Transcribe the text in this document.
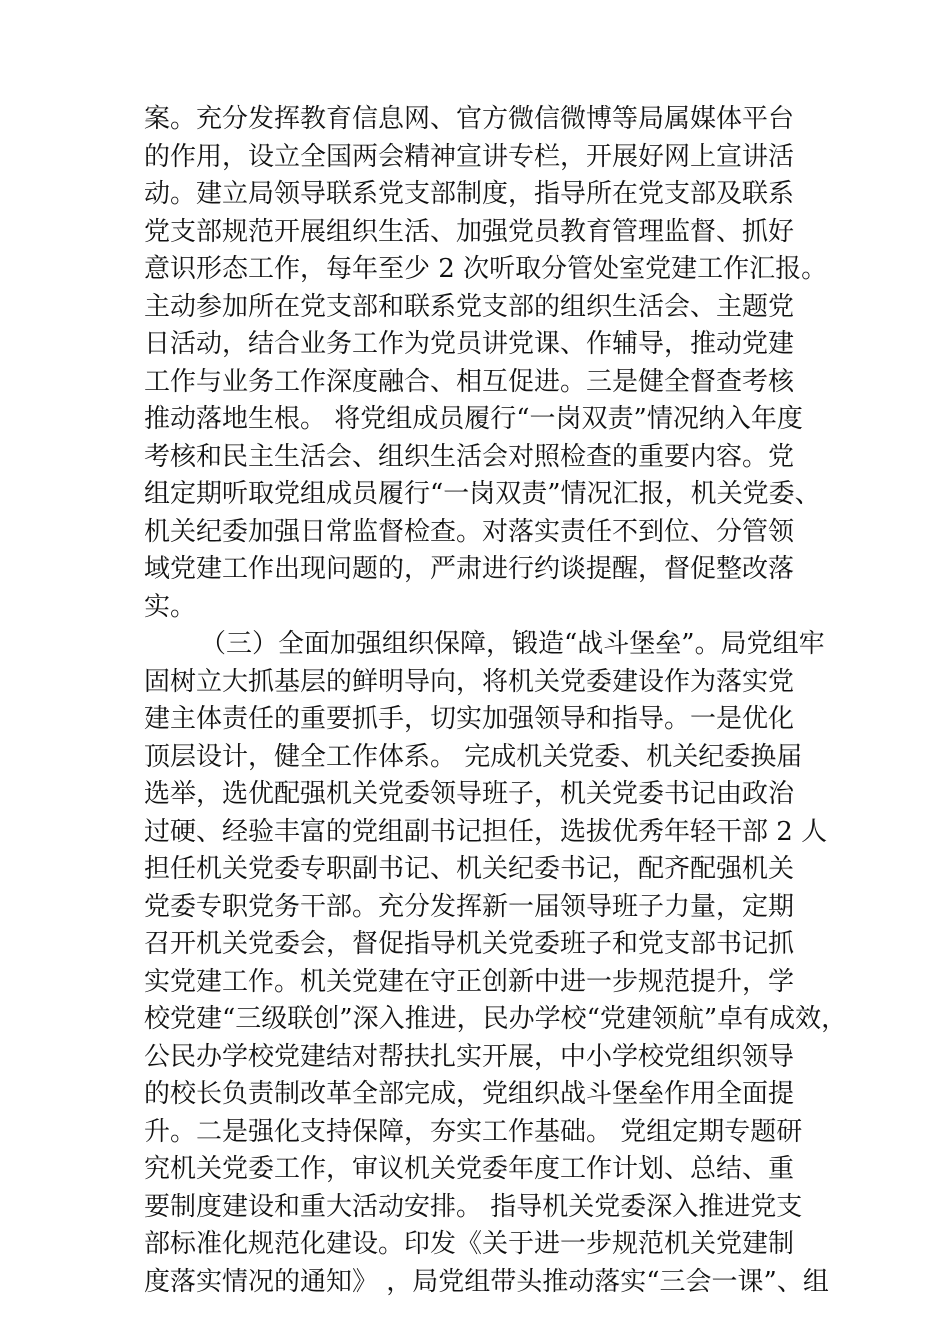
案。充分发挥教育信息网、官方微信微博等局属媒体平台
的作用，设立全国两会精神宣讲专栏，开展好网上宣讲活
动。建立局领导联系党支部制度，指导所在党支部及联系
党支部规范开展组织生活、加强党员教育管理监督、抓好
意识形态工作，每年至少 2 次听取分管处室党建工作汇报。
主动参加所在党支部和联系党支部的组织生活会、主题党
日活动，结合业务工作为党员讲党课、作辅导，推动党建
工作与业务工作深度融合、相互促进。三是健全督查考核
推动落地生根。 将党组成员履行“一岗双责”情况纳入年度
考核和民主生活会、组织生活会对照检查的重要内容。党
组定期听取党组成员履行“一岗双责”情况汇报，机关党委、
机关纪委加强日常监督检查。对落实责任不到位、分管领
域党建工作出现问题的，严肃进行约谈提醒，督促整改落
实。
（三）全面加强组织保障，锻造“战斗堡垒”。局党组牢
固树立大抓基层的鲜明导向，将机关党委建设作为落实党
建主体责任的重要抓手，切实加强领导和指导。一是优化
顶层设计，健全工作体系。 完成机关党委、机关纪委换届
选举，选优配强机关党委领导班子，机关党委书记由政治
过硬、经验丰富的党组副书记担任，选拔优秀年轻干部 2 人
担任机关党委专职副书记、机关纪委书记，配齐配强机关
党委专职党务干部。充分发挥新一届领导班子力量，定期
召开机关党委会，督促指导机关党委班子和党支部书记抓
实党建工作。机关党建在守正创新中进一步规范提升，学
校党建“三级联创”深入推进，民办学校“党建领航”卓有成效，
公民办学校党建结对帮扶扎实开展，中小学校党组织领导
的校长负责制改革全部完成，党组织战斗堡垒作用全面提
升。二是强化支持保障，夯实工作基础。 党组定期专题研
究机关党委工作，审议机关党委年度工作计划、总结、重
要制度建设和重大活动安排。 指导机关党委深入推进党支
部标准化规范化建设。印发《关于进一步规范机关党建制
度落实情况的通知》 ，局党组带头推动落实“三会一课”、组
